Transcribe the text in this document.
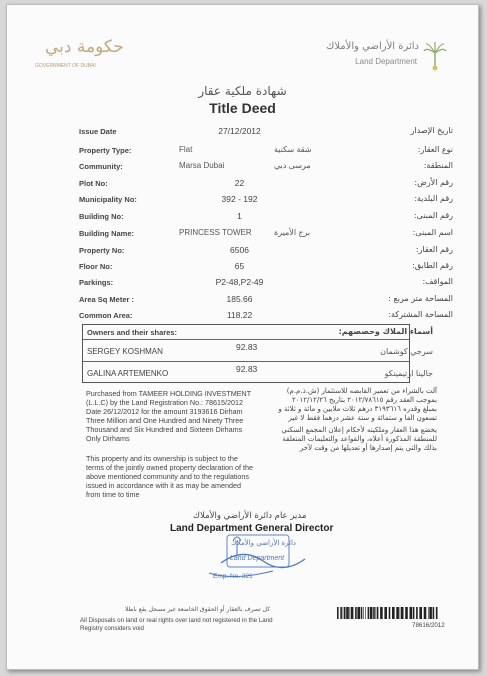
حكومة دبي
GOVERNMENT OF DUBAI
دائرة الأراضي والأملاك
Land Department
شهادة ملكية عقار
Title Deed
Issue Date	27/12/2012	تاريخ الإصدار
Property Type:	Flat	شقة سكنية	نوع العقار:
Community:	Marsa Dubai	مرسى دبي	المنطقة:
Plot No:	22	رقم الأرض:
Municipality No:	392 - 192	رقم البلدية:
Building No:	1	رقم المبنى:
Building Name:	PRINCESS TOWER	برج الأميرة	اسم المبنى:
Property No:	6506	رقم العقار:
Floor No:	65	رقم الطابق:
Parkings:	P2-48,P2-49	المواقف:
Area Sq Meter :	185.66	المساحة متر مربع :
Common Area:	118.22	المساحة المشتركة:
Owners and their shares:	أسماء الملاك وحصصهم:
SERGEY KOSHMAN	92.83	سرجي كوشمان
GALINA ARTEMENKO	92.83	جالينا ارتيمينكو
Purchased from TAMEER HOLDING INVESTMENT (L.L.C) by the Land Registration No.: 78615/2012 Date 26/12/2012 for the amount 3193616 Dirham Three Million and One Hundred and Ninety Three Thousand and Six Hundred and Sixteen Dirhams Only Dirhams
آلت بالشراء من تعمير القابضه للاستثمار (ش.ذ.م.م) بموجب العقد رقم ٢٠١٢/٧٨٦١٥ بتاريخ ٢٠١٢/١٢/٢٦ بمبلغ وقدره ٣١٩٣٦١٦ درهم ثلاث ملايين و مائة و ثلاثة و تسعون الفا و ستمائة و ستة عشر درهما فقط لا غير
This property and its ownership is subject to the terms of the jointly owned property declaration of the above mentioned community and to the regulations issued in accordance with it as may be amended from time to time
يخضع هذا العقار وملكيته لأحكام إعلان المجمع السكني للمنطقة المذكورة أعلاه، والقواعد والتعليمات المتعلقة بذلك والتي يتم إصدارها أو تعديلها من وقت لآخر
مدير عام دائرة الأراضي والأملاك
Land Department General Director
دائرة الأراضي والأملاك
Land Department
Emp. No. 321
كل تصرف بالعقار أو الحقوق الخاضعة غير مسجل يقع باطلا
All Disposals on land or real rights over land not registered in the Land Registry considers void	78616/2012
